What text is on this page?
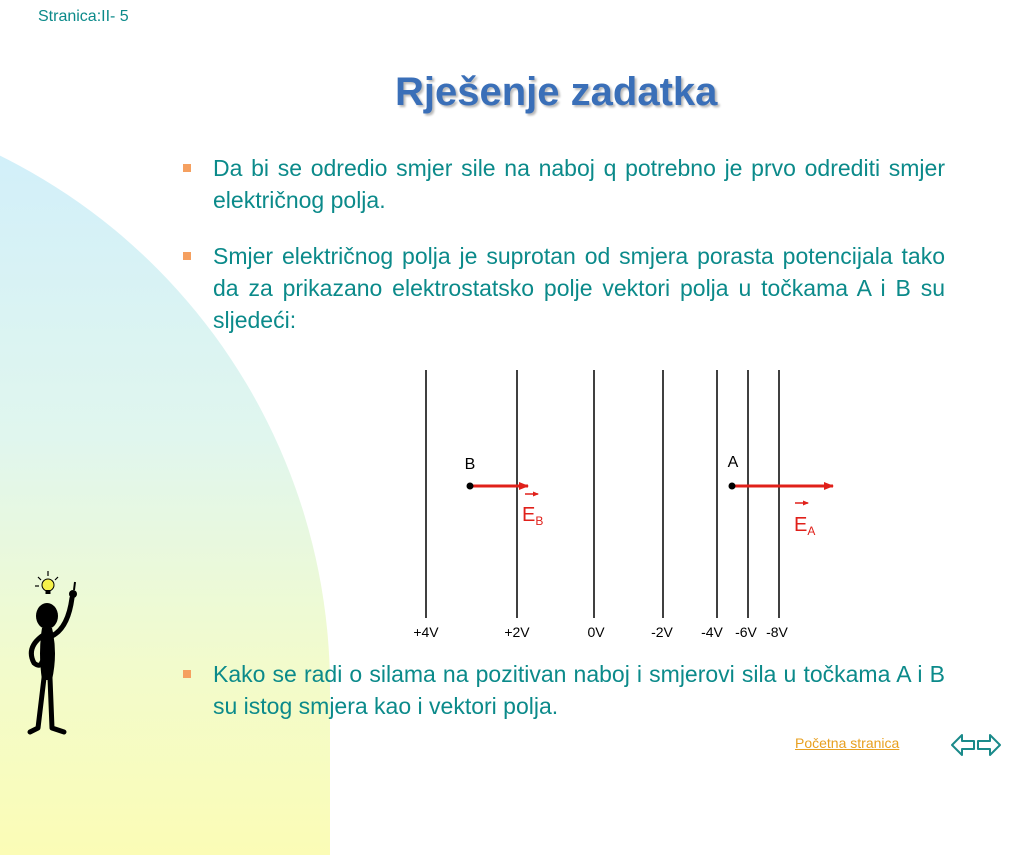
Stranica:II- 5
Rješenje zadatka
Da bi se odredio smjer sile na naboj q potrebno je prvo odrediti smjer električnog polja.
Smjer električnog polja je suprotan od smjera porasta potencijala tako da za prikazano elektrostatsko polje vektori polja u točkama A i B su sljedeći:
+4V	+2V	0V	-2V -4V -6V -8V
B
$E_B$
A
$E_A$
Kako se radi o silama na pozitivan naboj i smjerovi sila u točkama A i B su istog smjera kao i vektori polja.
Početna stranica
